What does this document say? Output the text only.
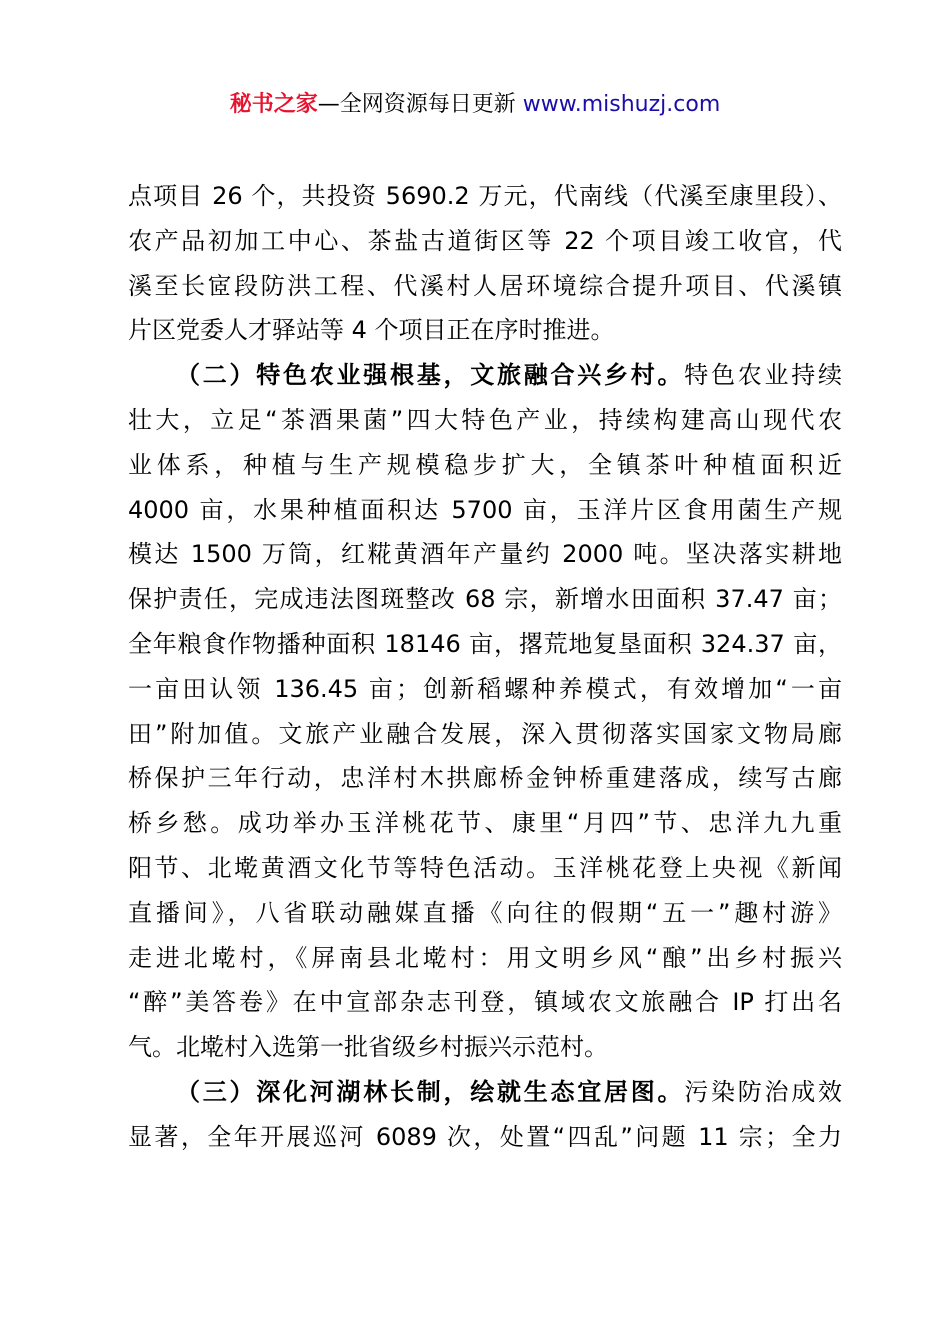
秘书之家—全网资源每日更新 www.mishuzj.com
点项目 26 个，共投资 5690.2 万元，代南线（代溪至康里段）、
农产品初加工中心、茶盐古道街区等 22 个项目竣工收官，代
溪至长宧段防洪工程、代溪村人居环境综合提升项目、代溪镇
片区党委人才驿站等 4 个项目正在序时推进。
（二）特色农业强根基，文旅融合兴乡村。特色农业持续
壮大，立足“茶酒果菌”四大特色产业，持续构建高山现代农
业体系，种植与生产规模稳步扩大，全镇茶叶种植面积近
4000 亩，水果种植面积达 5700 亩，玉洋片区食用菌生产规
模达 1500 万筒，红糀黄酒年产量约 2000 吨。坚决落实耕地
保护责任，完成违法图斑整改 68 宗，新增水田面积 37.47 亩；
全年粮食作物播种面积 18146 亩，撂荒地复垦面积 324.37 亩，
一亩田认领 136.45 亩；创新稻螺种养模式，有效增加“一亩
田”附加值。文旅产业融合发展，深入贯彻落实国家文物局廊
桥保护三年行动，忠洋村木拱廊桥金钟桥重建落成，续写古廊
桥乡愁。成功举办玉洋桃花节、康里“月四”节、忠洋九九重
阳节、北墘黄酒文化节等特色活动。玉洋桃花登上央视《新闻
直播间》，八省联动融媒直播《向往的假期“五一”趣村游》
走进北墘村，《屏南县北墘村：用文明乡风“酿”出乡村振兴
“醉”美答卷》在中宣部杂志刊登，镇域农文旅融合 IP 打出名
气。北墘村入选第一批省级乡村振兴示范村。
（三）深化河湖林长制，绘就生态宜居图。污染防治成效
显著，全年开展巡河 6089 次，处置“四乱”问题 11 宗；全力
